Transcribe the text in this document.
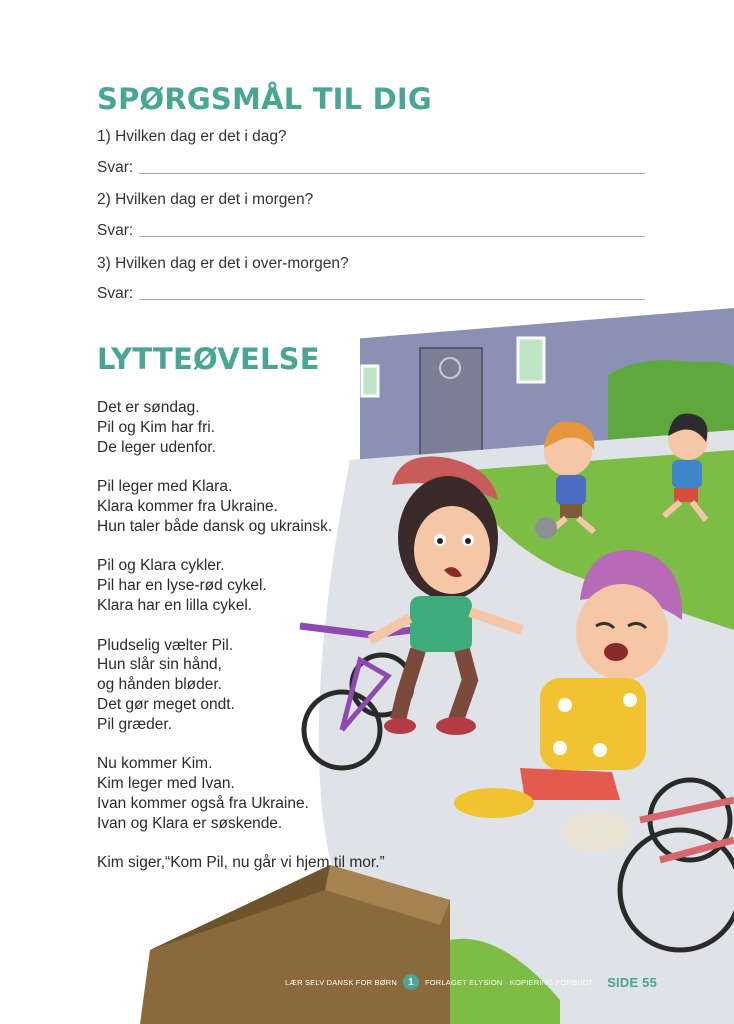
SPØRGSMÅL TIL DIG
1) Hvilken dag er det i dag?
Svar:
2) Hvilken dag er det i morgen?
Svar:
3) Hvilken dag er det i over-morgen?
Svar:
LYTTEØVELSE

Det er søndag.
Pil og Kim har fri.
De leger udenfor.

Pil leger med Klara.
Klara kommer fra Ukraine.
Hun taler både dansk og ukrainsk.

Pil og Klara cykler.
Pil har en lyse-rød cykel.
Klara har en lilla cykel.

Pludselig vælter Pil.
Hun slår sin hånd,
og hånden bløder.
Det gør meget ondt.
Pil græder.

Nu kommer Kim.
Kim leger med Ivan.
Ivan kommer også fra Ukraine.
Ivan og Klara er søskende.

Kim siger,“Kom Pil, nu går vi hjem til mor.”

LÆR SELV DANSK FOR BØRN	1	FORLAGET ELYSION · KOPIERING FORBUDT SIDE 55
